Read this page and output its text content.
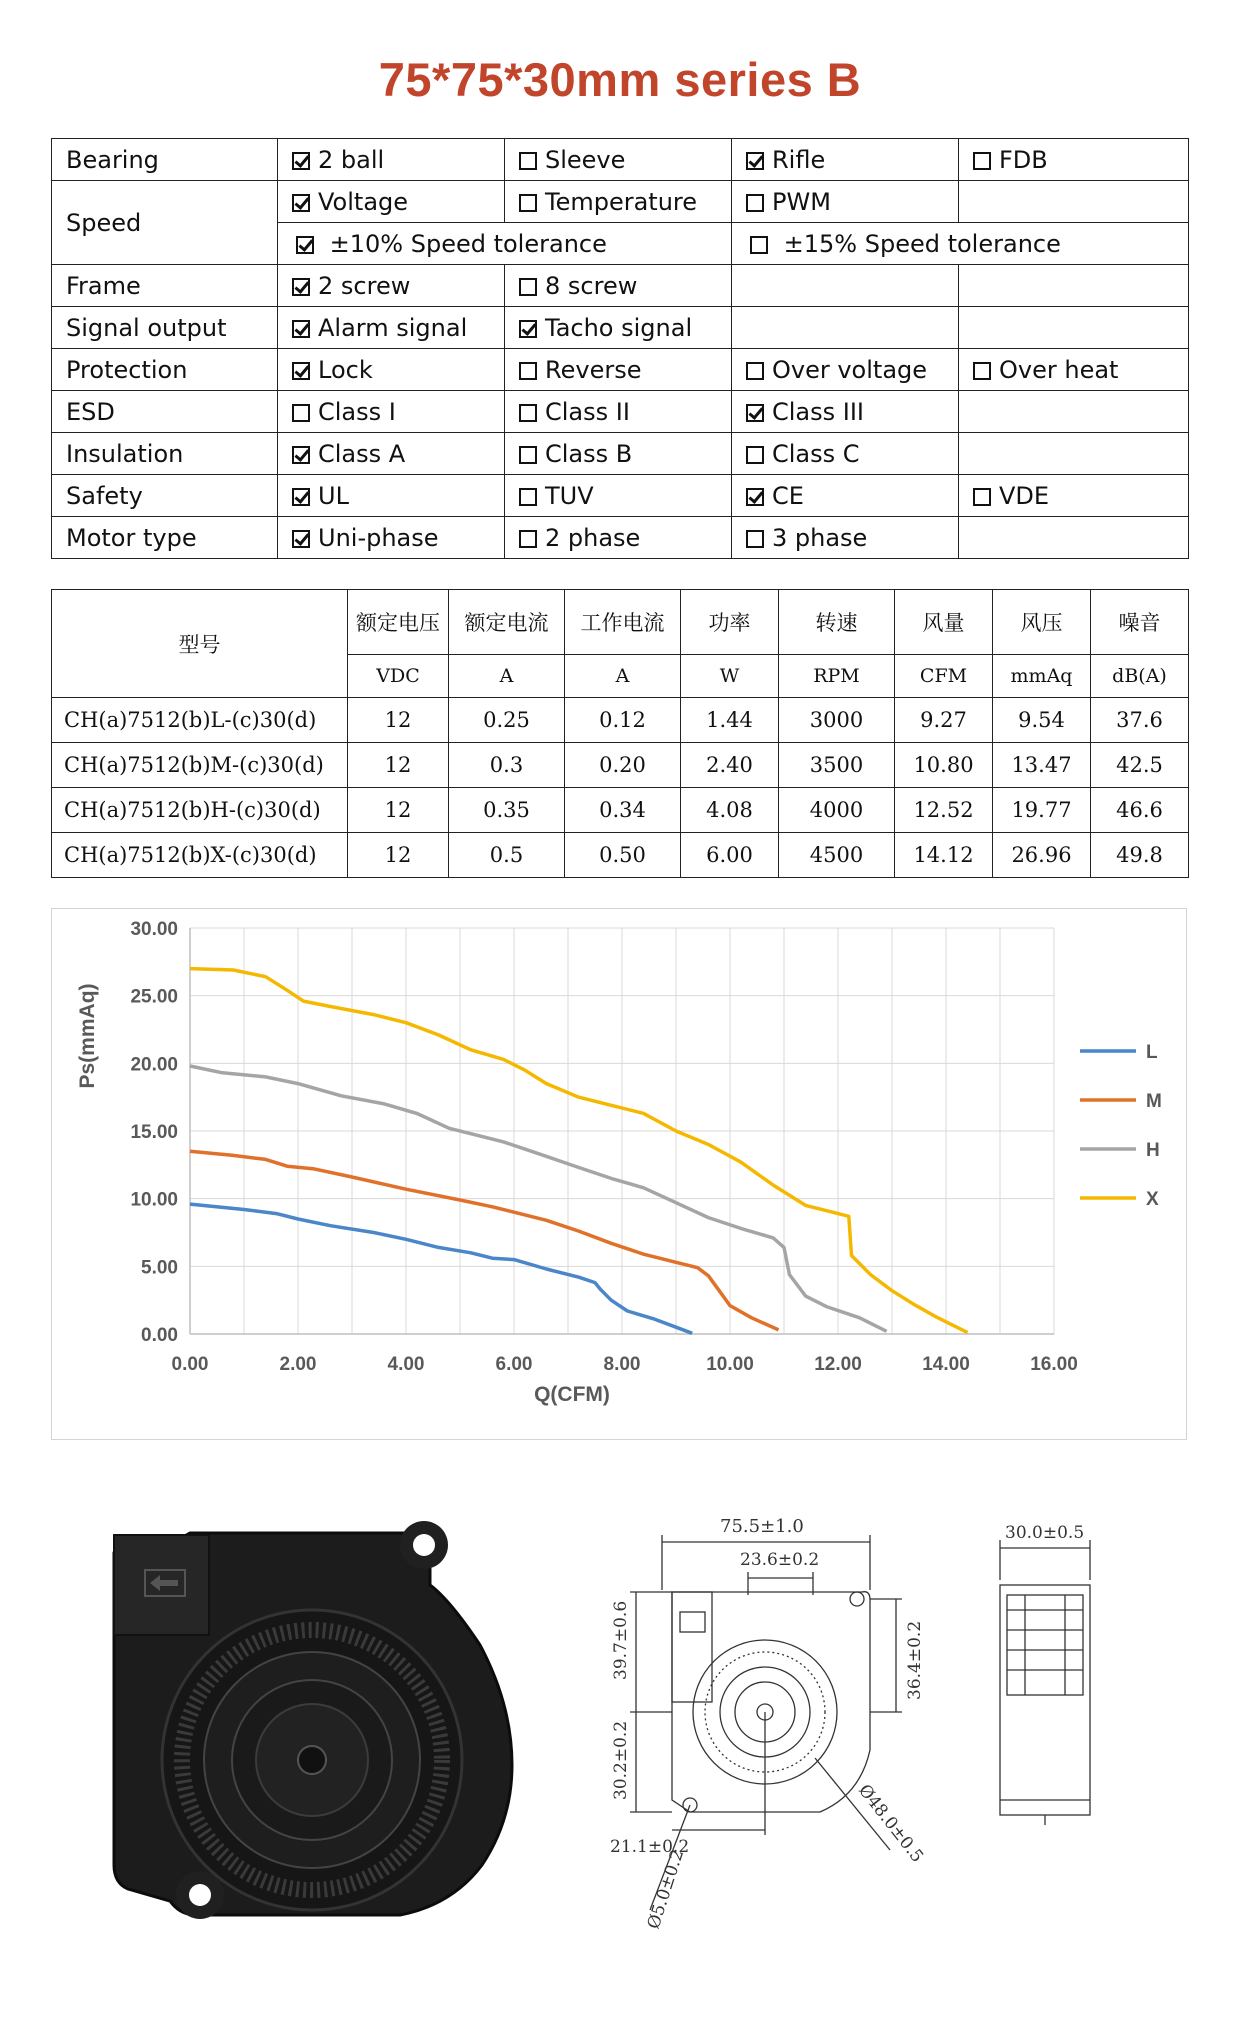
75*75*30mm series B
Bearing	2 ball	Sleeve	Rifle	FDB
Speed	Voltage	Temperature	PWM	
	±10% Speed tolerance		±15% Speed tolerance	
Frame	2 screw	8 screw		
Signal output	Alarm signal	Tacho signal		
Protection	Lock	Reverse	Over voltage	Over heat
ESD	Class I	Class II	Class III	
Insulation	Class A	Class B	Class C	
Safety	UL	TUV	CE	VDE
Motor type	Uni-phase	2 phase	3 phase	
型号	额定电压	额定电流	工作电流	功率	转速	风量	风压	噪音
	VDC	A	A	W	RPM	CFM	mmAq	dB(A)
CH(a)7512(b)L-(c)30(d)	12	0.25	0.12	1.44	3000	9.27	9.54	37.6
CH(a)7512(b)M-(c)30(d)	12	0.3	0.20	2.40	3500	10.80	13.47	42.5
CH(a)7512(b)H-(c)30(d)	12	0.35	0.34	4.08	4000	12.52	19.77	46.6
CH(a)7512(b)X-(c)30(d)	12	0.5	0.50	6.00	4500	14.12	26.96	49.8
0.00
5.00
10.00
15.00
20.00
25.00
30.00
0.00	2.00	4.00	6.00	8.00	10.00	12.00	14.00	16.00
Q(CFM)
Ps(mmAq)	L
M
H
X
75.5±1.0
23.6±0.2
39.7±0.6
30.2±0.2
21.1±0.2
36.4±0.2
Ø48.0±0.5
Ø5.0±0.2
30.0±0.5
